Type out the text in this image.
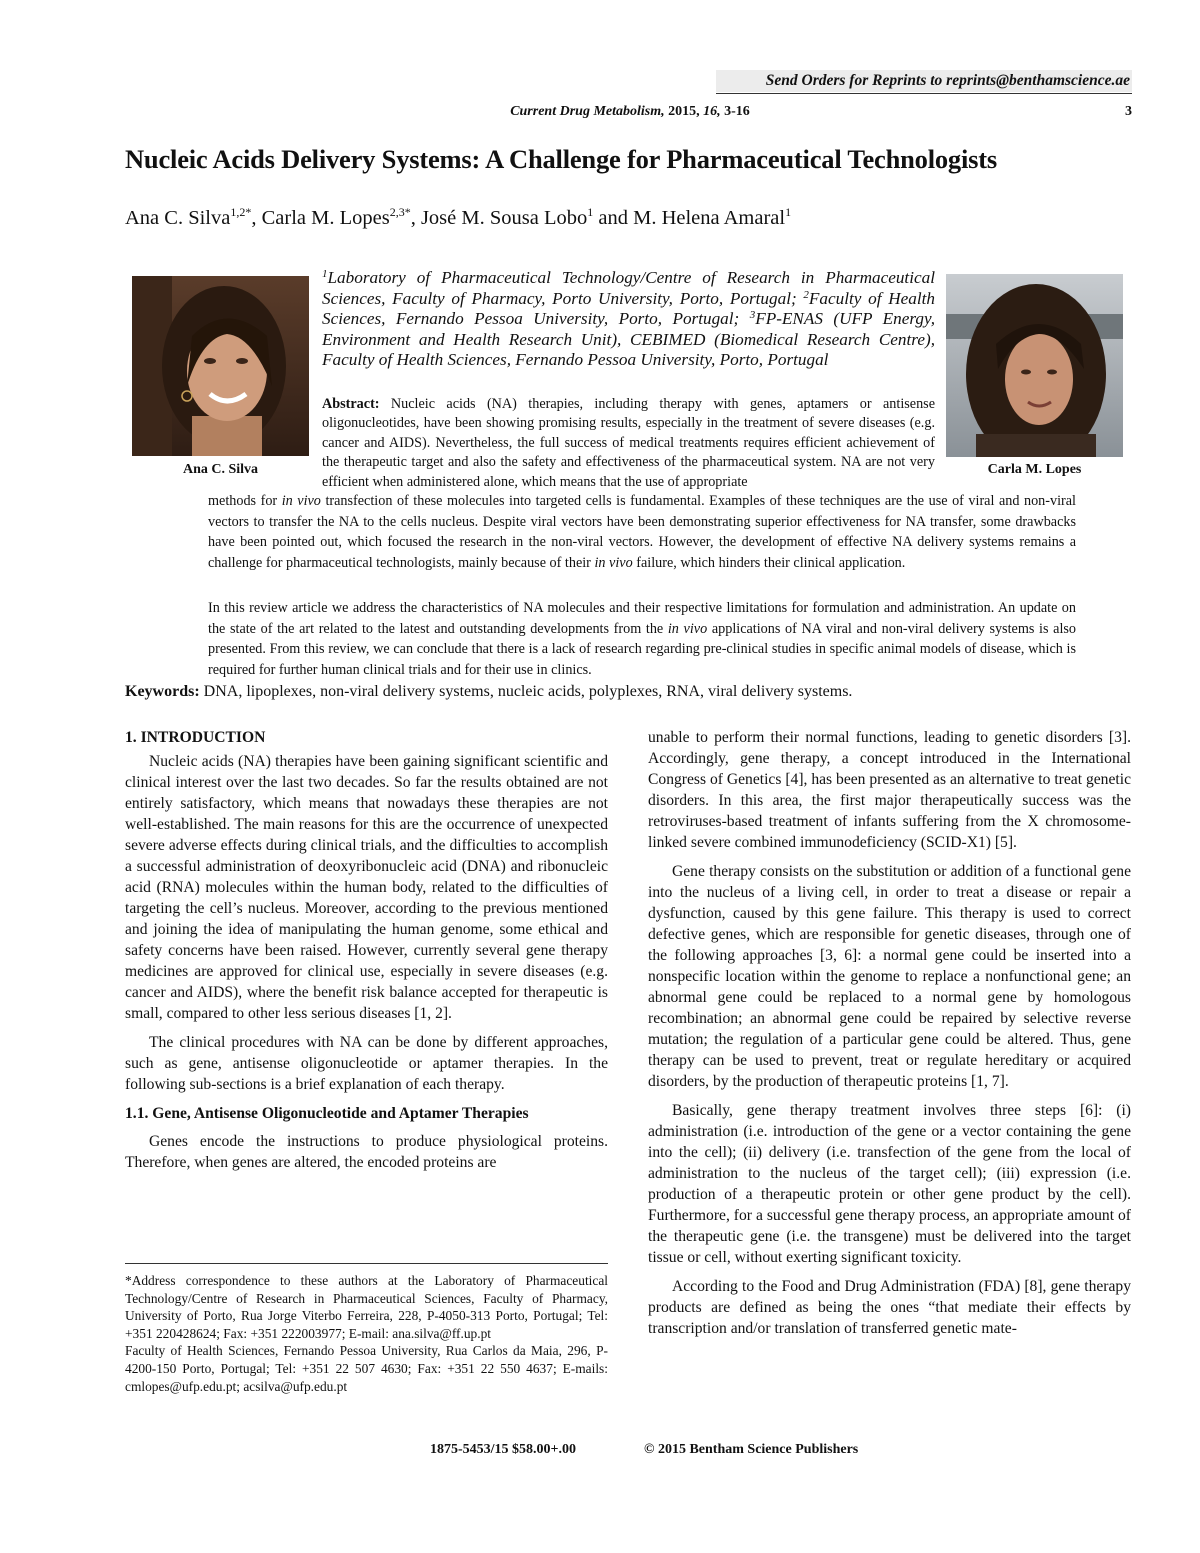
Send Orders for Reprints to reprints@benthamscience.ae
Current Drug Metabolism, 2015, 16, 3-16	3
Nucleic Acids Delivery Systems: A Challenge for Pharmaceutical Technologists
Ana C. Silva$^{1,2*}$, Carla M. Lopes$^{2,3*}$, José M. Sousa Lobo$^1$ and M. Helena Amaral$^1$
Ana C. Silva	Carla M. Lopes
$^1$Laboratory of Pharmaceutical Technology/Centre of Research in Pharmaceutical Sciences, Faculty of Pharmacy, Porto University, Porto, Portugal; $^2$Faculty of Health Sciences, Fernando Pessoa University, Porto, Portugal; $^3$FP-ENAS (UFP Energy, Environment and Health Research Unit), CEBIMED (Biomedical Research Centre), Faculty of Health Sciences, Fernando Pessoa University, Porto, Portugal
Abstract: Nucleic acids (NA) therapies, including therapy with genes, aptamers or antisense oligonucleotides, have been showing promising results, especially in the treatment of severe diseases (e.g. cancer and AIDS). Nevertheless, the full success of medical treatments requires efficient achievement of the therapeutic target and also the safety and effectiveness of the pharmaceutical system. NA are not very efficient when administered alone, which means that the use of appropriate
methods for in vivo transfection of these molecules into targeted cells is fundamental. Examples of these techniques are the use of viral and non-viral vectors to transfer the NA to the cells nucleus. Despite viral vectors have been demonstrating superior effectiveness for NA transfer, some drawbacks have been pointed out, which focused the research in the non-viral vectors. However, the development of effective NA delivery systems remains a challenge for pharmaceutical technologists, mainly because of their in vivo failure, which hinders their clinical application.
In this review article we address the characteristics of NA molecules and their respective limitations for formulation and administration. An update on the state of the art related to the latest and outstanding developments from the in vivo applications of NA viral and non-viral delivery systems is also presented. From this review, we can conclude that there is a lack of research regarding pre-clinical studies in specific animal models of disease, which is required for further human clinical trials and for their use in clinics.
Keywords: DNA, lipoplexes, non-viral delivery systems, nucleic acids, polyplexes, RNA, viral delivery systems.
1. INTRODUCTION

Nucleic acids (NA) therapies have been gaining significant scientific and clinical interest over the last two decades. So far the results obtained are not entirely satisfactory, which means that nowadays these therapies are not well-established. The main reasons for this are the occurrence of unexpected severe adverse effects during clinical trials, and the difficulties to accomplish a successful administration of deoxyribonucleic acid (DNA) and ribonucleic acid (RNA) molecules within the human body, related to the difficulties of targeting the cell’s nucleus. Moreover, according to the previous mentioned and joining the idea of manipulating the human genome, some ethical and safety concerns have been raised. However, currently several gene therapy medicines are approved for clinical use, especially in severe diseases (e.g. cancer and AIDS), where the benefit risk balance accepted for therapeutic is small, compared to other less serious diseases [1, 2].

The clinical procedures with NA can be done by different approaches, such as gene, antisense oligonucleotide or aptamer therapies. In the following sub-sections is a brief explanation of each therapy.

1.1. Gene, Antisense Oligonucleotide and Aptamer Therapies

Genes encode the instructions to produce physiological proteins. Therefore, when genes are altered, the encoded proteins are

*Address correspondence to these authors at the Laboratory of Pharmaceutical Technology/Centre of Research in Pharmaceutical Sciences, Faculty of Pharmacy, University of Porto, Rua Jorge Viterbo Ferreira, 228, P-4050-313 Porto, Portugal; Tel: +351 220428624; Fax: +351 222003977; E-mail: ana.silva@ff.up.pt

Faculty of Health Sciences, Fernando Pessoa University, Rua Carlos da Maia, 296, P-4200-150 Porto, Portugal; Tel: +351 22 507 4630; Fax: +351 22 550 4637; E-mails: cmlopes@ufp.edu.pt; acsilva@ufp.edu.pt

unable to perform their normal functions, leading to genetic disorders [3]. Accordingly, gene therapy, a concept introduced in the International Congress of Genetics [4], has been presented as an alternative to treat genetic disorders. In this area, the first major therapeutically success was the retroviruses-based treatment of infants suffering from the X chromosome-linked severe combined immunodeficiency (SCID-X1) [5].

Gene therapy consists on the substitution or addition of a functional gene into the nucleus of a living cell, in order to treat a disease or repair a dysfunction, caused by this gene failure. This therapy is used to correct defective genes, which are responsible for genetic diseases, through one of the following approaches [3, 6]: a normal gene could be inserted into a nonspecific location within the genome to replace a nonfunctional gene; an abnormal gene could be replaced to a normal gene by homologous recombination; an abnormal gene could be repaired by selective reverse mutation; the regulation of a particular gene could be altered. Thus, gene therapy can be used to prevent, treat or regulate hereditary or acquired disorders, by the production of therapeutic proteins [1, 7].

Basically, gene therapy treatment involves three steps [6]: (i) administration (i.e. introduction of the gene or a vector containing the gene into the cell); (ii) delivery (i.e. transfection of the gene from the local of administration to the nucleus of the target cell); (iii) expression (i.e. production of a therapeutic protein or other gene product by the cell). Furthermore, for a successful gene therapy process, an appropriate amount of the therapeutic gene (i.e. the transgene) must be delivered into the target tissue or cell, without exerting significant toxicity.

According to the Food and Drug Administration (FDA) [8], gene therapy products are defined as being the ones “that mediate their effects by transcription and/or translation of transferred genetic mate-

1875-5453/15 $58.00+.00	© 2015 Bentham Science Publishers
